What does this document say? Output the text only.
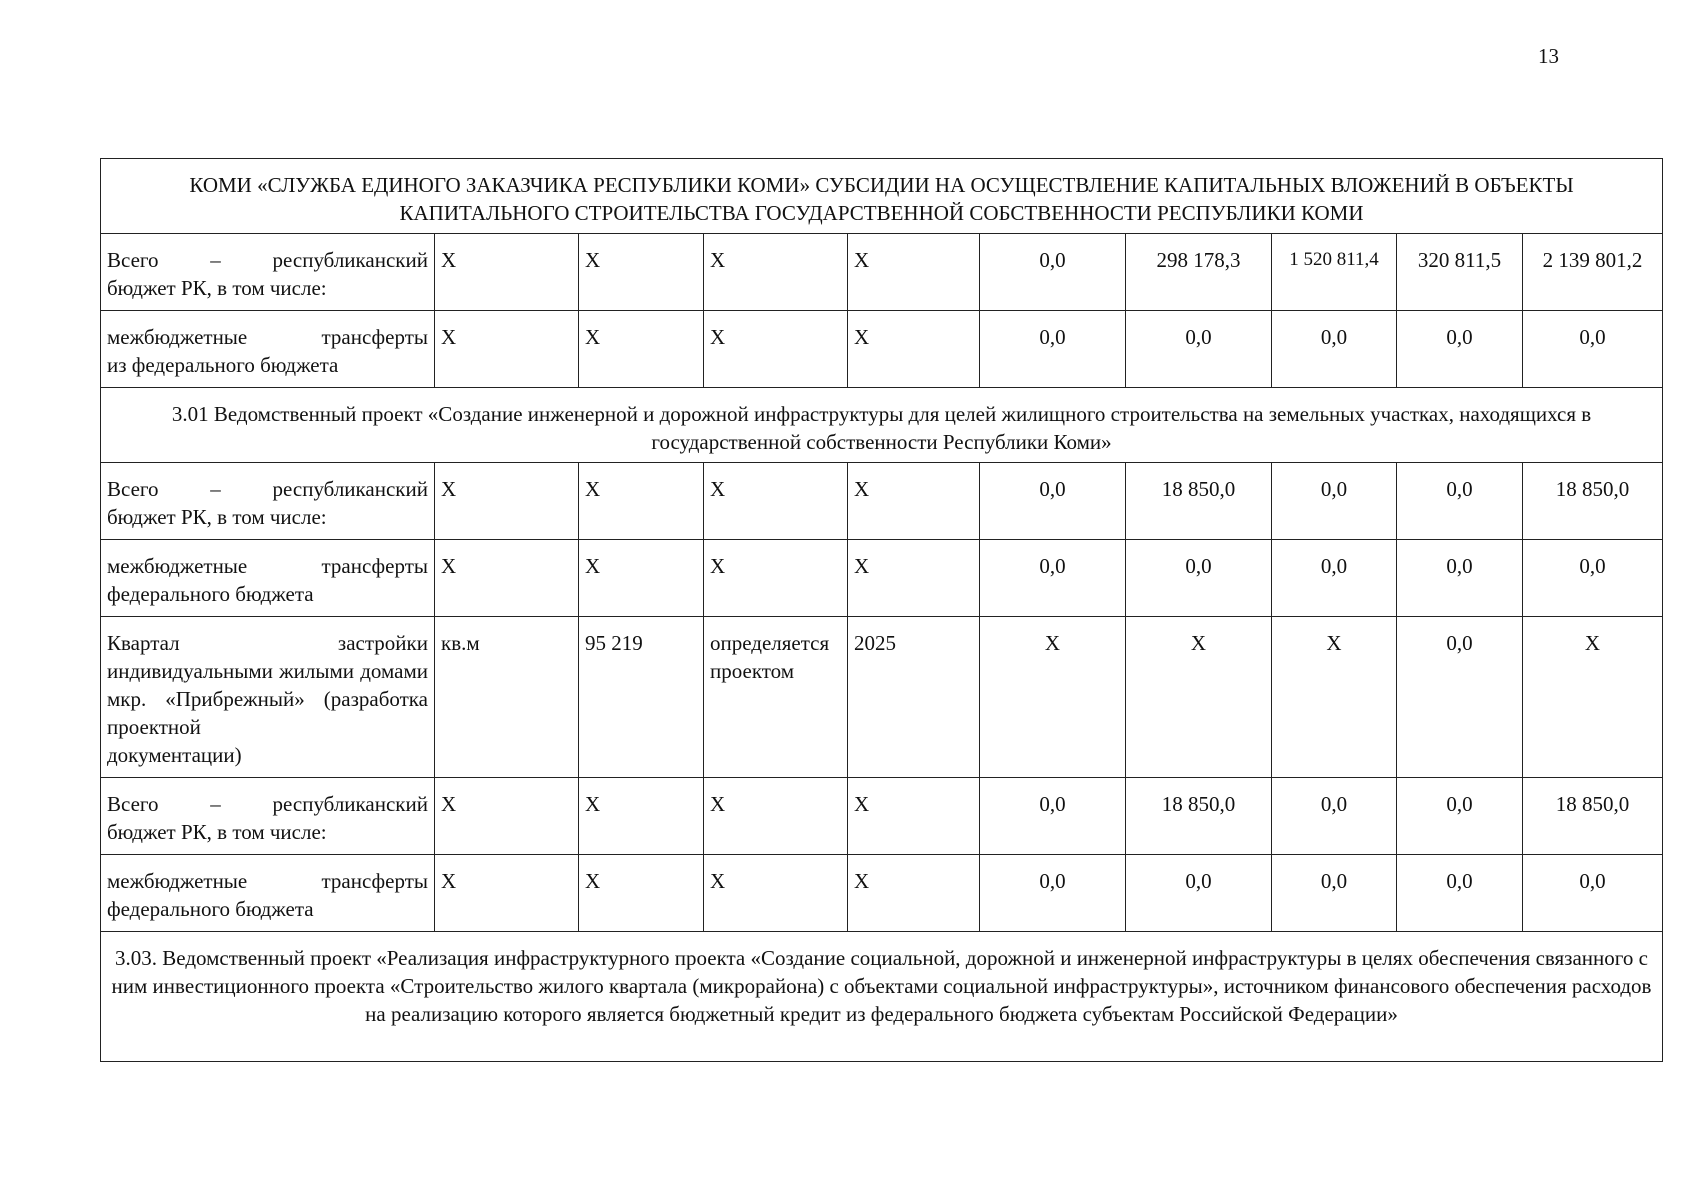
13
КОМИ «СЛУЖБА ЕДИНОГО ЗАКАЗЧИКА РЕСПУБЛИКИ КОМИ» СУБСИДИИ НА ОСУЩЕСТВЛЕНИЕ КАПИТАЛЬНЫХ ВЛОЖЕНИЙ В ОБЪЕКТЫ КАПИТАЛЬНОГО СТРОИТЕЛЬСТВА ГОСУДАРСТВЕННОЙ СОБСТВЕННОСТИ РЕСПУБЛИКИ КОМИ									
Всего – республиканский
бюджет РК, в том числе:	X	X	X	X	0,0	298 178,3	1 520 811,4	320 811,5	2 139 801,2
межбюджетные трансферты
из федерального бюджета	X	X	X	X	0,0	0,0	0,0	0,0	0,0
3.01 Ведомственный проект «Создание инженерной и дорожной инфраструктуры для целей жилищного строительства на земельных участках, находящихся в государственной собственности Республики Коми»									
Всего – республиканский
бюджет РК, в том числе:	X	X	X	X	0,0	18 850,0	0,0	0,0	18 850,0
межбюджетные трансферты
федерального бюджета	X	X	X	X	0,0	0,0	0,0	0,0	0,0
Квартал застройки индивидуальными жилыми домами мкр. «Прибрежный» (разработка проектной
документации)	кв.м	95 219	определяется проектом	2025	X	X	X	0,0	X
Всего – республиканский
бюджет РК, в том числе:	X	X	X	X	0,0	18 850,0	0,0	0,0	18 850,0
межбюджетные трансферты
федерального бюджета	X	X	X	X	0,0	0,0	0,0	0,0	0,0
3.03. Ведомственный проект «Реализация инфраструктурного проекта «Создание социальной, дорожной и инженерной инфраструктуры в целях обеспечения связанного с ним инвестиционного проекта «Строительство жилого квартала (микрорайона) с объектами социальной инфраструктуры», источником финансового обеспечения расходов на реализацию которого является бюджетный кредит из федерального бюджета субъектам Российской Федерации»									
